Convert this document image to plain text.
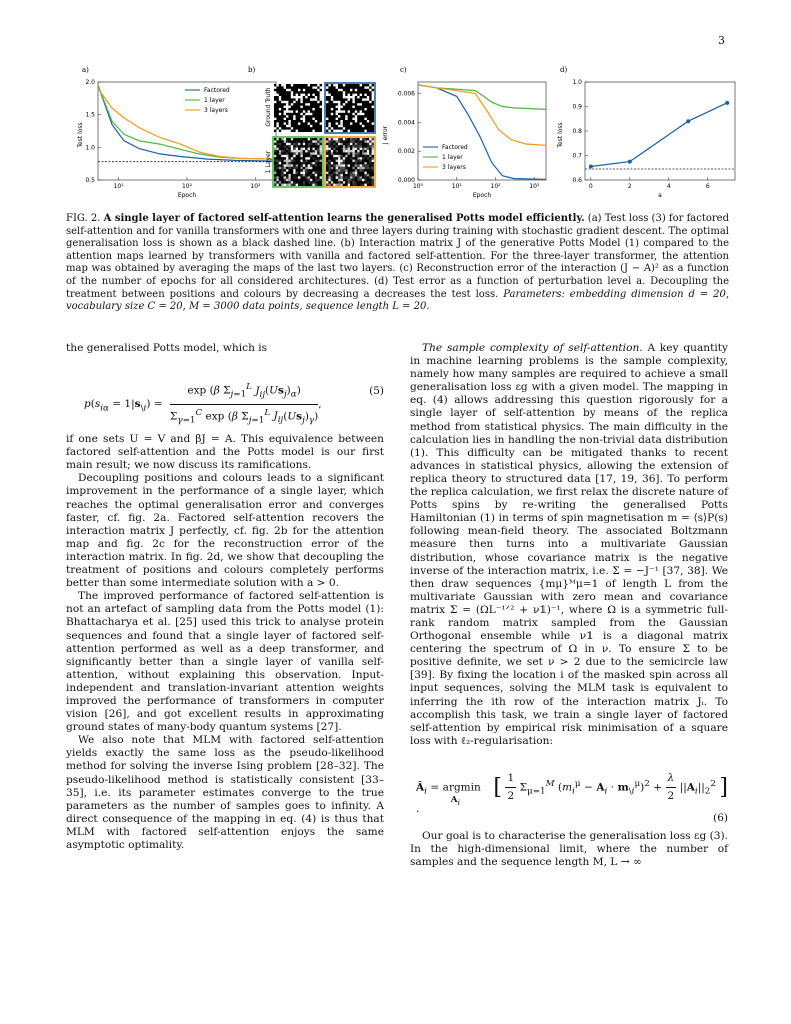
3
a)
Test loss
Epoch
0.5
1.0
1.5
2.0
10¹	10²	10³
Factored
1 layer
3 layers
b)
Ground Truth
1 Layer
c)
J error
Epoch
0.000
0.002
0.004
0.006
10⁰	10¹	10²	10³
Factored
1 layer
3 layers
d)
Test loss
a
0.6
0.7
0.8
0.9
1.0
0	2	4	6
FIG. 2. A single layer of factored self-attention learns the generalised Potts model efficiently. (a) Test loss (3) for factored self-attention and for vanilla transformers with one and three layers during training with stochastic gradient descent. The optimal generalisation loss is shown as a black dashed line. (b) Interaction matrix J of the generative Potts Model (1) compared to the attention maps learned by transformers with vanilla and factored self-attention. For the three-layer transformer, the attention map was obtained by averaging the maps of the last two layers. (c) Reconstruction error of the interaction (J − A)² as a function of the number of epochs for all considered architectures. (d) Test error as a function of perturbation level a. Decoupling the treatment between positions and colours by decreasing a decreases the test loss. Parameters: embedding dimension d = 20, vocabulary size C = 20, M = 3000 data points, sequence length L = 20.

the generalised Potts model, which is

$p(s_{i\alpha} = 1|s_{\backslash i}) = \frac{\exp (\beta \Sigma_{j=1}^L J_{ij}(Us_j)_\alpha)}{\Sigma_{\gamma=1}^C \exp (\beta \Sigma_{j=1}^L J_{ij}(Us_j)_\gamma)}$ ,
(5)

if one sets U = V and βJ = A. This equivalence between factored self-attention and the Potts model is our first main result; we now discuss its ramifications.

Decoupling positions and colours leads to a significant improvement in the performance of a single layer, which reaches the optimal generalisation error and converges faster, cf. fig. 2a. Factored self-attention recovers the interaction matrix J perfectly, cf. fig. 2b for the attention map and fig. 2c for the reconstruction error of the interaction matrix. In fig. 2d, we show that decoupling the treatment of positions and colours completely performs better than some intermediate solution with a > 0.

The improved performance of factored self-attention is not an artefact of sampling data from the Potts model (1): Bhattacharya et al. [25] used this trick to analyse protein sequences and found that a single layer of factored self-attention performed as well as a deep transformer, and significantly better than a single layer of vanilla self-attention, without explaining this observation. Input-independent and translation-invariant attention weights improved the performance of transformers in computer vision [26], and got excellent results in approximating ground states of many-body quantum systems [27].

We also note that MLM with factored self-attention yields exactly the same loss as the pseudo-likelihood method for solving the inverse Ising problem [28–32]. The pseudo-likelihood method is statistically consistent [33–35], i.e. its parameter estimates converge to the true parameters as the number of samples goes to infinity. A direct consequence of the mapping in eq. (4) is thus that MLM with factored self-attention enjoys the same asymptotic optimality.

The sample complexity of self-attention. A key quantity in machine learning problems is the sample complexity, namely how many samples are required to achieve a small generalisation loss εg with a given model. The mapping in eq. (4) allows addressing this question rigorously for a single layer of self-attention by means of the replica method from statistical physics. The main difficulty in the calculation lies in handling the non-trivial data distribution (1). This difficulty can be mitigated thanks to recent advances in statistical physics, allowing the extension of replica theory to structured data [17, 19, 36]. To perform the replica calculation, we first relax the discrete nature of Potts spins by re-writing the generalised Potts Hamiltonian (1) in terms of spin magnetisation m = ⟨s⟩P(s) following mean-field theory. The associated Boltzmann measure then turns into a multivariate Gaussian distribution, whose covariance matrix is the negative inverse of the interaction matrix, i.e. Σ = −J⁻¹ [37, 38]. We then draw sequences {mμ}ᴹμ=1 of length L from the multivariate Gaussian with zero mean and covariance matrix Σ = (ΩL⁻¹ᐟ² + ν𝟙)⁻¹, where Ω is a symmetric full-rank random matrix sampled from the Gaussian Orthogonal ensemble while ν𝟙 is a diagonal matrix centering the spectrum of Ω in ν. To ensure Σ to be positive definite, we set ν > 2 due to the semicircle law [39]. By fixing the location i of the masked spin across all input sequences, solving the MLM task is equivalent to inferring the ith row of the interaction matrix Jᵢ. To accomplish this task, we train a single layer of factored self-attention by empirical risk minimisation of a square loss with ℓ₂-regularisation:

$Â_i = argmin_{A_i}$ [ $\frac{1}{2} \Sigma_{\mu=1}^M$ $(m_i^\mu - A_i \cdot m_{\backslash i}^\mu)^2 + \frac{\lambda}{2} ||A_i||_2^2$ ] .
(6)

Our goal is to characterise the generalisation loss εg (3). In the high-dimensional limit, where the number of samples and the sequence length M, L → ∞
